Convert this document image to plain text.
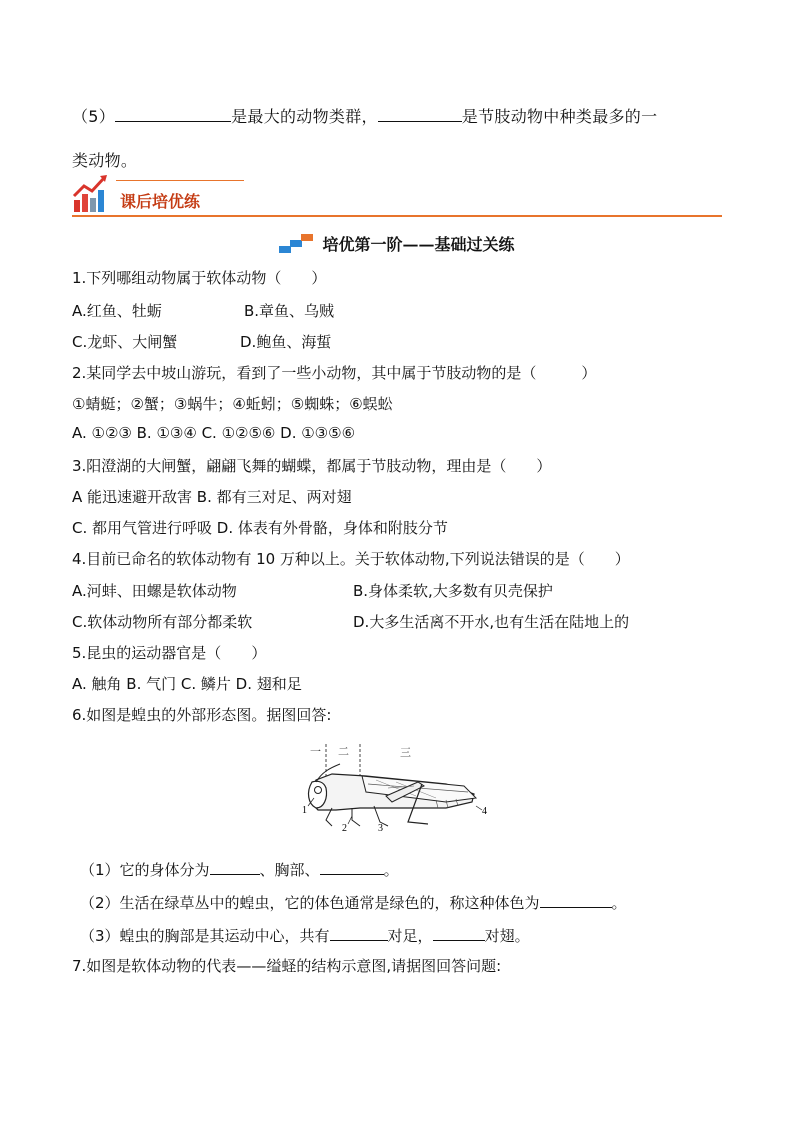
（5）	是最大的动物类群，	是节肢动物中种类最多的一
类动物。
课后培优练
培优第一阶——基础过关练
1.下列哪组动物属于软体动物（　　）
A.红鱼、牡蛎	B.章鱼、乌贼
C.龙虾、大闸蟹	D.鲍鱼、海蜇
2.某同学去中坡山游玩，看到了一些小动物，其中属于节肢动物的是（　　　）
①蜻蜓；②蟹；③蜗牛；④蚯蚓；⑤蜘蛛；⑥蜈蚣
A. ①②③ B. ①③④ C. ①②⑤⑥ D. ①③⑤⑥
3.阳澄湖的大闸蟹，翩翩飞舞的蝴蝶，都属于节肢动物，理由是（　　）
A 能迅速避开敌害 B. 都有三对足、两对翅
C. 都用气管进行呼吸 D. 体表有外骨骼，身体和附肢分节
4.目前已命名的软体动物有 10 万种以上。关于软体动物,下列说法错误的是（　　）
A.河蚌、田螺是软体动物	B.身体柔软,大多数有贝壳保护
C.软体动物所有部分都柔软	D.大多生活离不开水,也有生活在陆地上的
5.昆虫的运动器官是（　　）
A. 触角 B. 气门 C. 鳞片 D. 翅和足
6.如图是蝗虫的外部形态图。据图回答:
一 二	三
1
2	3
4
（1）它的身体分为	、胸部、	。
（2）生活在绿草丛中的蝗虫，它的体色通常是绿色的，称这种体色为	。
（3）蝗虫的胸部是其运动中心，共有	对足，	对翅。
7.如图是软体动物的代表——缢蛏的结构示意图,请据图回答问题:
